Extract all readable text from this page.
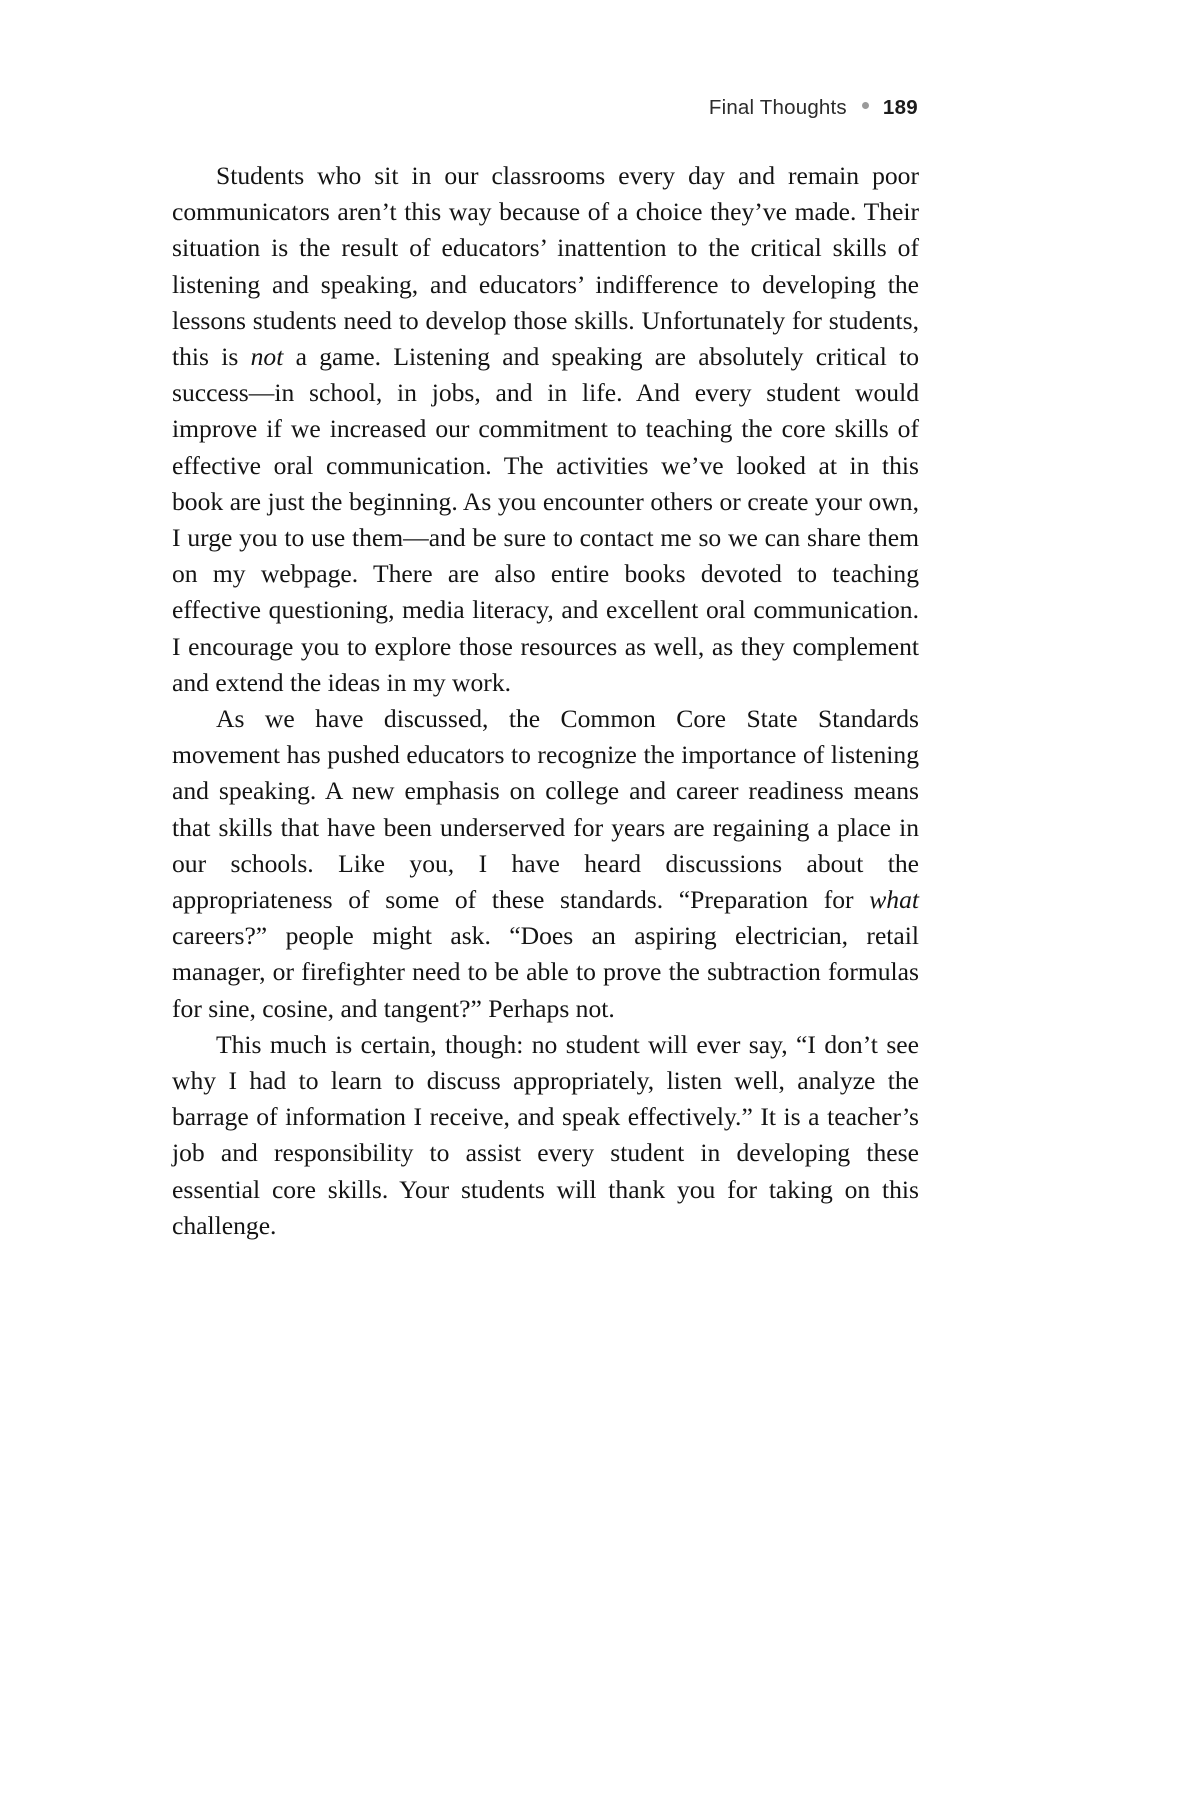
Final Thoughts 189

Students who sit in our classrooms every day and remain poor communicators aren’t this way because of a choice they’ve made. Their situation is the result of educators’ inattention to the critical skills of listening and speaking, and educators’ indifference to developing the lessons students need to develop those skills. Unfortunately for students, this is not a game. Listening and speaking are absolutely critical to success—in school, in jobs, and in life. And every student would improve if we increased our commitment to teaching the core skills of effective oral communication. The activities we’ve looked at in this book are just the beginning. As you encounter others or create your own, I urge you to use them—and be sure to contact me so we can share them on my webpage. There are also entire books devoted to teaching effective questioning, media literacy, and excellent oral communication. I encourage you to explore those resources as well, as they complement and extend the ideas in my work.

As we have discussed, the Common Core State Standards movement has pushed educators to recognize the importance of listening and speaking. A new emphasis on college and career readiness means that skills that have been underserved for years are regaining a place in our schools. Like you, I have heard discussions about the appropriateness of some of these standards. “Preparation for what careers?” people might ask. “Does an aspiring electrician, retail manager, or firefighter need to be able to prove the subtraction formulas for sine, cosine, and tangent?” Perhaps not.

This much is certain, though: no student will ever say, “I don’t see why I had to learn to discuss appropriately, listen well, analyze the barrage of information I receive, and speak effectively.” It is a teacher’s job and responsibility to assist every student in developing these essential core skills. Your students will thank you for taking on this challenge.
